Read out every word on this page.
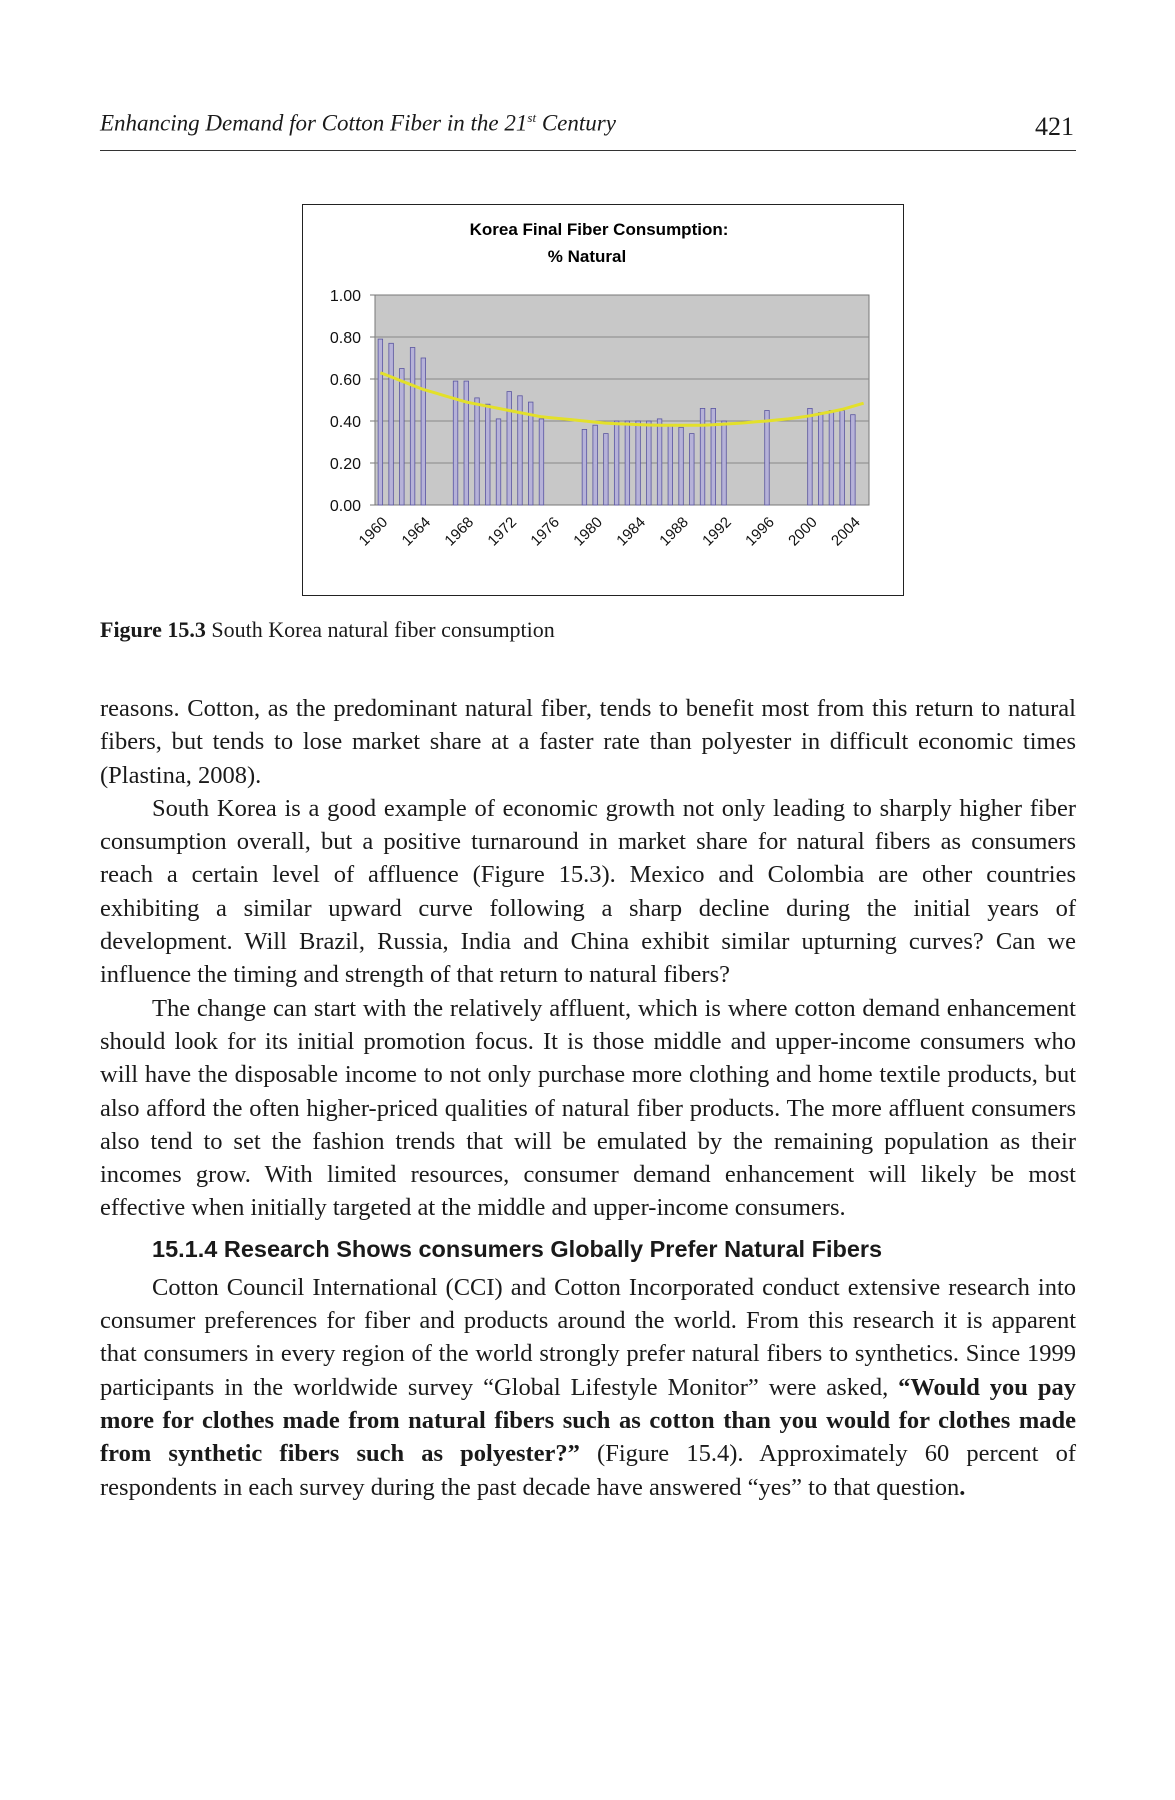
Enhancing Demand for Cotton Fiber in the 21st Century	421
Korea Final Fiber Consumption:
% Natural
1.00
0.80
0.60
0.40
0.20
0.00
1960 1964 1968 1972 1976 1980 1984 1988 1992 1996 2000 2004
Figure 15.3 South Korea natural fiber consumption

reasons. Cotton, as the predominant natural fiber, tends to benefit most from this return to natural fibers, but tends to lose market share at a faster rate than polyester in difficult economic times (Plastina, 2008).

South Korea is a good example of economic growth not only leading to sharply higher fiber consumption overall, but a positive turnaround in market share for natural fibers as consumers reach a certain level of affluence (Figure 15.3). Mexico and Colombia are other countries exhibiting a similar upward curve following a sharp decline during the initial years of development. Will Brazil, Russia, India and China exhibit similar upturning curves? Can we influence the timing and strength of that return to natural fibers?

The change can start with the relatively affluent, which is where cotton demand enhancement should look for its initial promotion focus. It is those middle and upper-income consumers who will have the disposable income to not only purchase more clothing and home textile products, but also afford the often higher-priced qualities of natural fiber products. The more affluent consumers also tend to set the fashion trends that will be emulated by the remaining population as their incomes grow. With limited resources, consumer demand enhancement will likely be most effective when initially targeted at the middle and upper-income consumers.

15.1.4 Research Shows consumers Globally Prefer Natural Fibers

Cotton Council International (CCI) and Cotton Incorporated conduct extensive research into consumer preferences for fiber and products around the world. From this research it is apparent that consumers in every region of the world strongly prefer natural fibers to synthetics. Since 1999 participants in the worldwide survey “Global Lifestyle Monitor” were asked, “Would you pay more for clothes made from natural fibers such as cotton than you would for clothes made from synthetic fibers such as polyester?” (Figure 15.4). Approximately 60 percent of respondents in each survey during the past decade have answered “yes” to that question.
